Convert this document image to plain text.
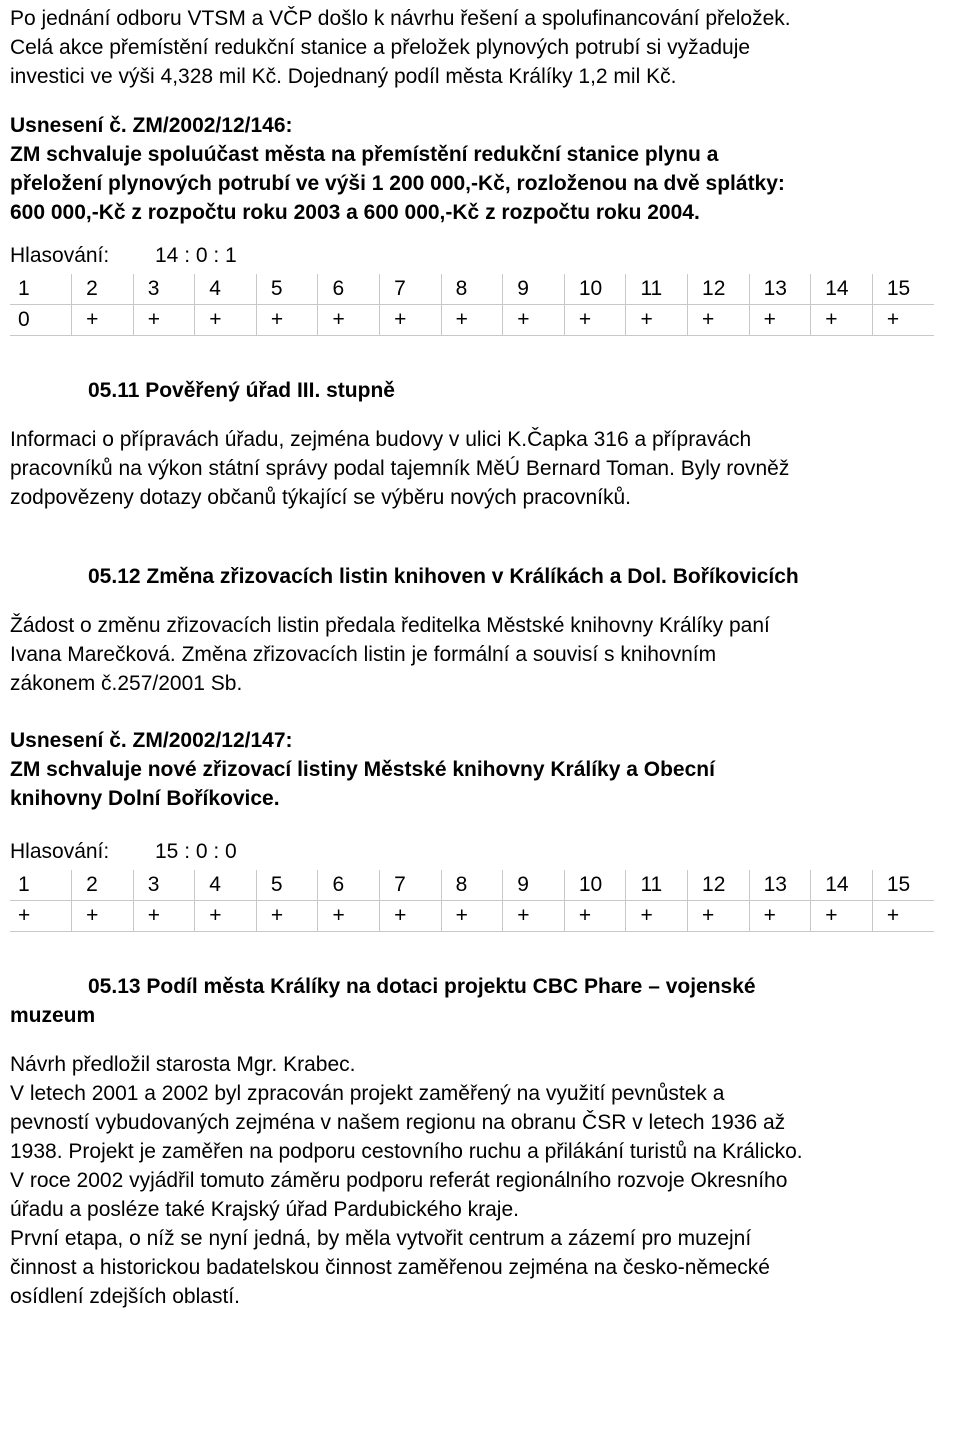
Po jednání odboru VTSM a VČP došlo k návrhu řešení a spolufinancování přeložek.

Celá akce přemístění redukční stanice a přeložek plynových potrubí si vyžaduje

investici ve výši 4,328 mil Kč. Dojednaný podíl města Králíky 1,2 mil Kč.

Usnesení č. ZM/2002/12/146:

ZM schvaluje spoluúčast města na přemístění redukční stanice plynu a

přeložení plynových potrubí ve výši 1 200 000,-Kč, rozloženou na dvě splátky:

600 000,-Kč z rozpočtu roku 2003 a 600 000,-Kč z rozpočtu roku 2004.

Hlasování: 14 : 0 : 1

1	2	3	4	5	6	7	8	9	10	11	12	13	14	15
0	+	+	+	+	+	+	+	+	+	+	+	+	+	+

05.11 Pověřený úřad III. stupně

Informaci o přípravách úřadu, zejména budovy v ulici K.Čapka 316 a přípravách

pracovníků na výkon státní správy podal tajemník MěÚ Bernard Toman. Byly rovněž

zodpovězeny dotazy občanů týkající se výběru nových pracovníků.

05.12 Změna zřizovacích listin knihoven v Králíkách a Dol. Boříkovicích

Žádost o změnu zřizovacích listin předala ředitelka Městské knihovny Králíky paní

Ivana Marečková. Změna zřizovacích listin je formální a souvisí s knihovním

zákonem č.257/2001 Sb.

Usnesení č. ZM/2002/12/147:

ZM schvaluje nové zřizovací listiny Městské knihovny Králíky a Obecní

knihovny Dolní Boříkovice.

Hlasování: 15 : 0 : 0

1	2	3	4	5	6	7	8	9	10	11	12	13	14	15
+	+	+	+	+	+	+	+	+	+	+	+	+	+	+

05.13 Podíl města Králíky na dotaci projektu CBC Phare – vojenské

muzeum

Návrh předložil starosta Mgr. Krabec.

V letech 2001 a 2002 byl zpracován projekt zaměřený na využití pevnůstek a

pevností vybudovaných zejména v našem regionu na obranu ČSR v letech 1936 až

1938. Projekt je zaměřen na podporu cestovního ruchu a přilákání turistů na Králicko.

V roce 2002 vyjádřil tomuto záměru podporu referát regionálního rozvoje Okresního

úřadu a posléze také Krajský úřad Pardubického kraje.

První etapa, o níž se nyní jedná, by měla vytvořit centrum a zázemí pro muzejní

činnost a historickou badatelskou činnost zaměřenou zejména na česko-německé

osídlení zdejších oblastí.
